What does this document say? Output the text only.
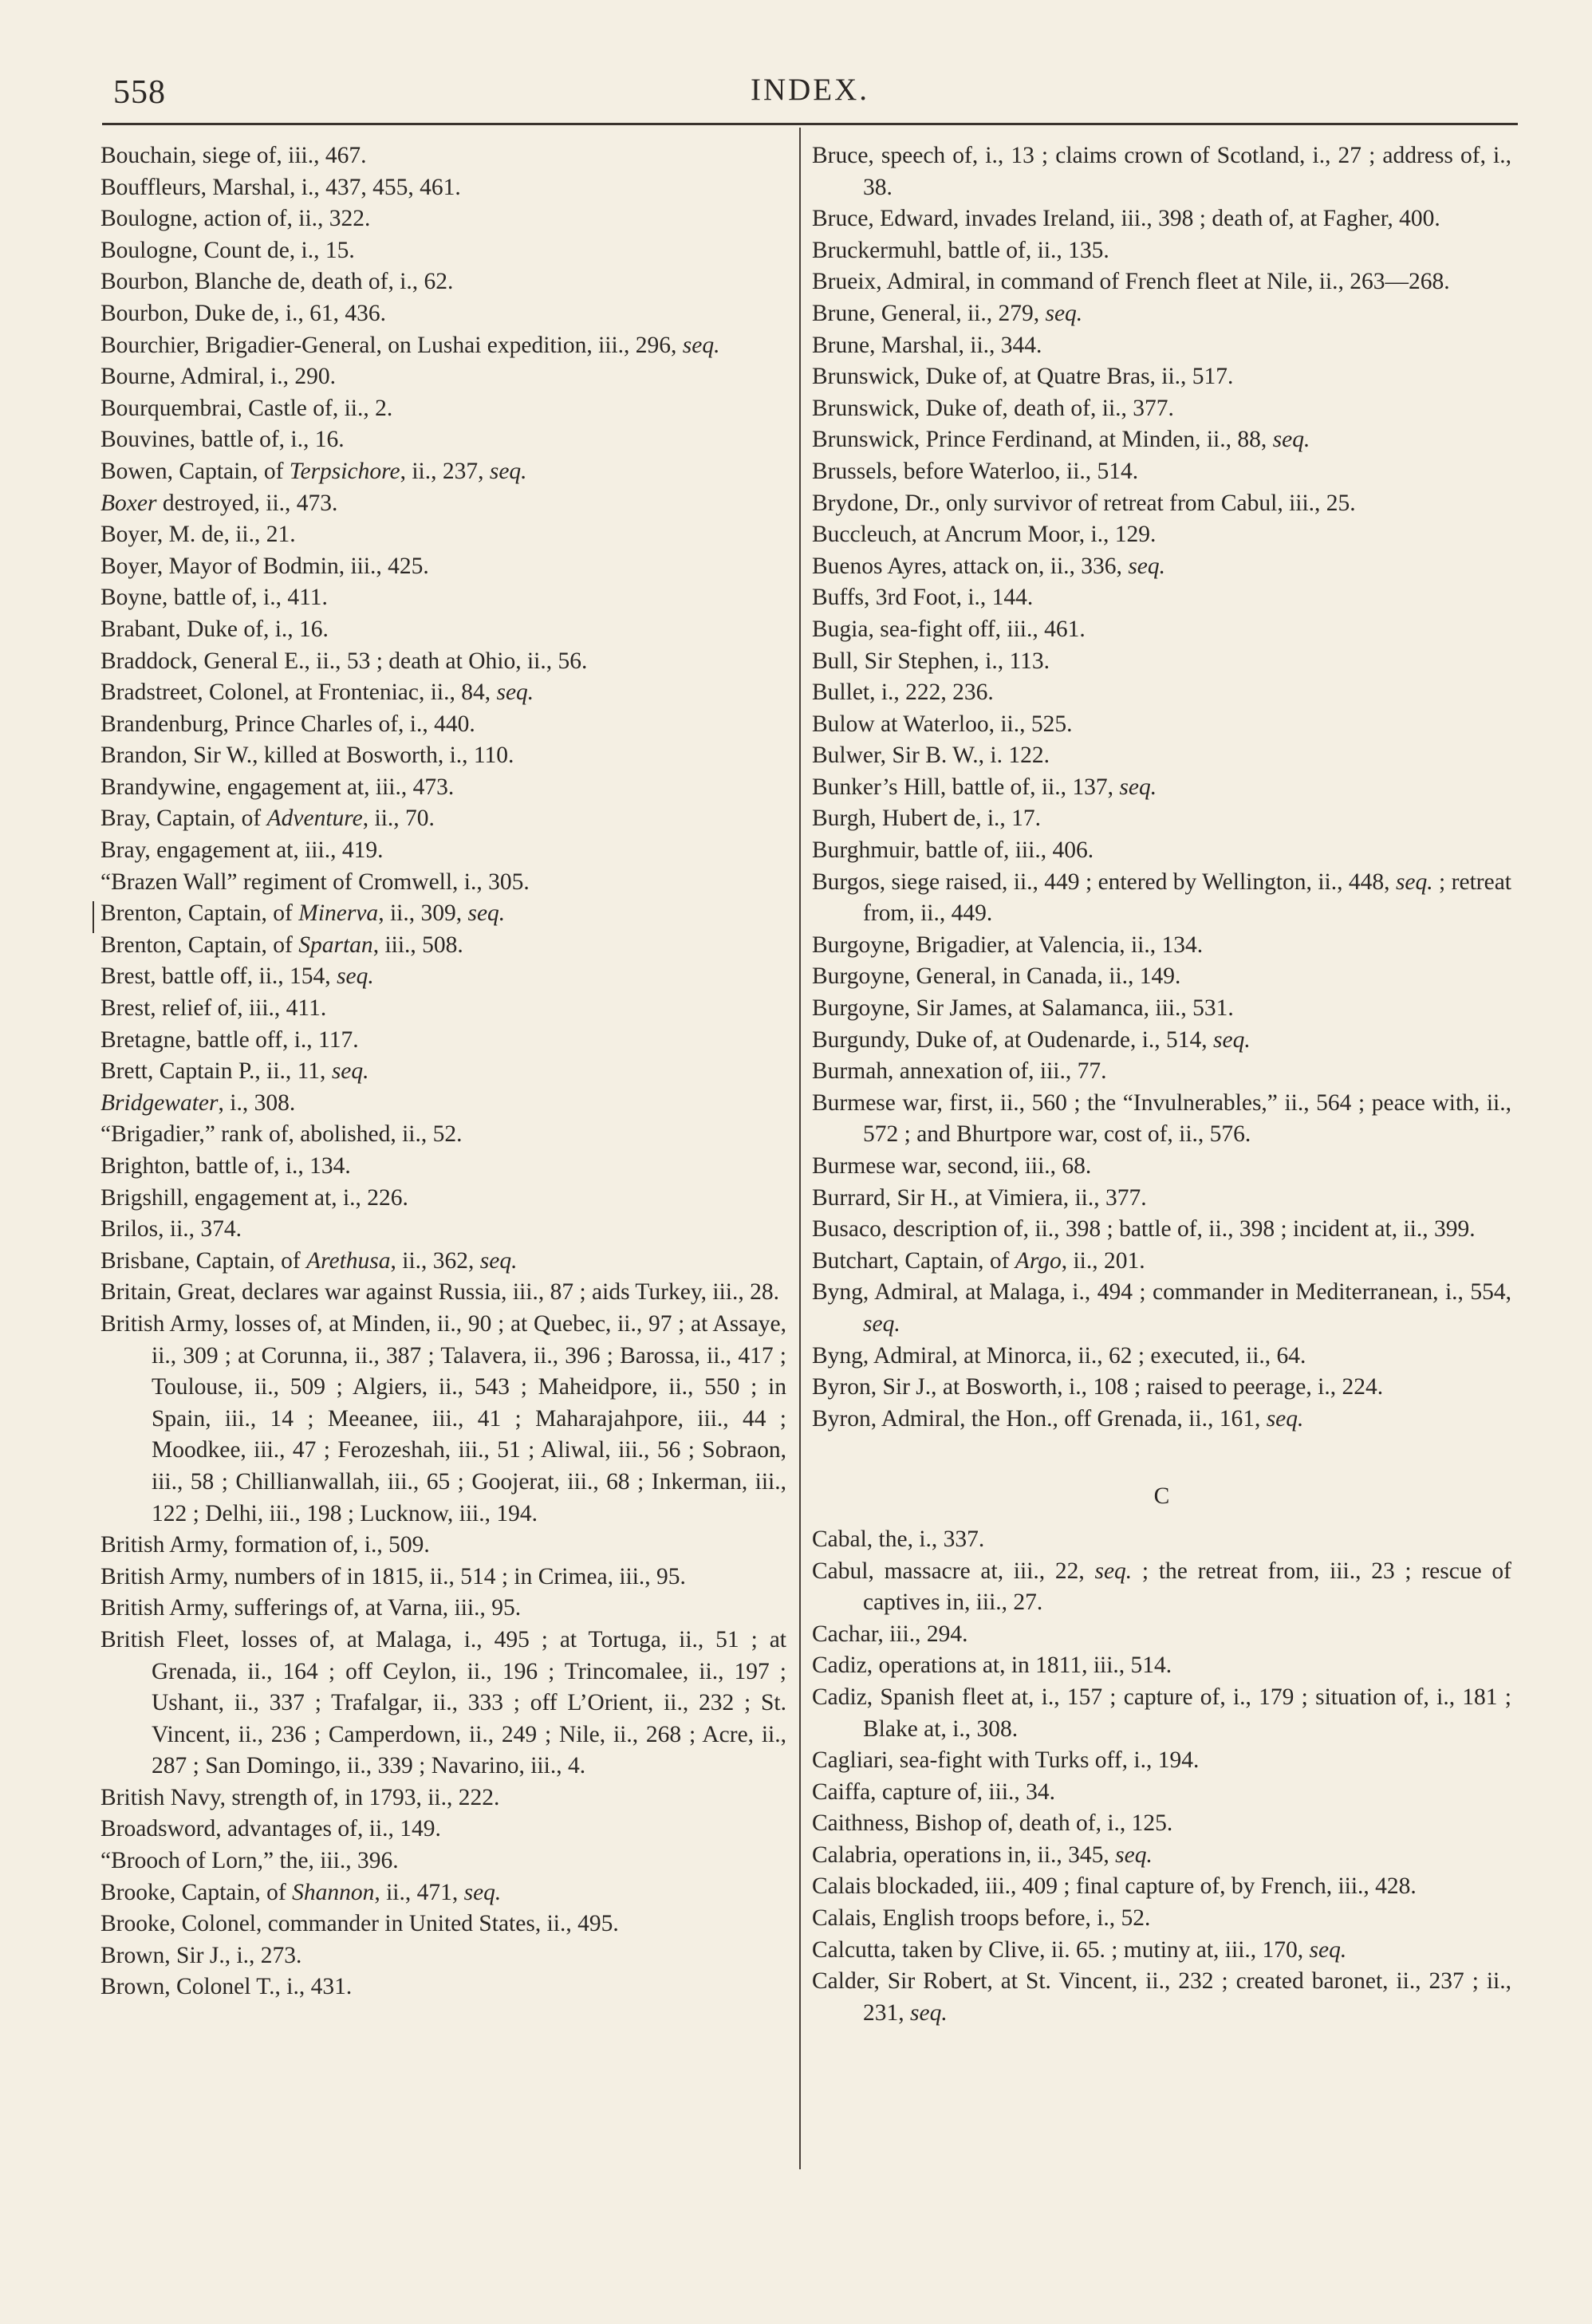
558	INDEX.
Bouchain, siege of, iii., 467.
Bouffleurs, Marshal, i., 437, 455, 461.
Boulogne, action of, ii., 322.
Boulogne, Count de, i., 15.
Bourbon, Blanche de, death of, i., 62.
Bourbon, Duke de, i., 61, 436.
Bourchier, Brigadier-General, on Lushai expedition, iii., 296, seq.
Bourne, Admiral, i., 290.
Bourquembrai, Castle of, ii., 2.
Bouvines, battle of, i., 16.
Bowen, Captain, of Terpsichore, ii., 237, seq.
Boxer destroyed, ii., 473.
Boyer, M. de, ii., 21.
Boyer, Mayor of Bodmin, iii., 425.
Boyne, battle of, i., 411.
Brabant, Duke of, i., 16.
Braddock, General E., ii., 53 ; death at Ohio, ii., 56.
Bradstreet, Colonel, at Fronteniac, ii., 84, seq.
Brandenburg, Prince Charles of, i., 440.
Brandon, Sir W., killed at Bosworth, i., 110.
Brandywine, engagement at, iii., 473.
Bray, Captain, of Adventure, ii., 70.
Bray, engagement at, iii., 419.
“Brazen Wall” regiment of Cromwell, i., 305.
Brenton, Captain, of Minerva, ii., 309, seq.
Brenton, Captain, of Spartan, iii., 508.
Brest, battle off, ii., 154, seq.
Brest, relief of, iii., 411.
Bretagne, battle off, i., 117.
Brett, Captain P., ii., 11, seq.
Bridgewater, i., 308.
“Brigadier,” rank of, abolished, ii., 52.
Brighton, battle of, i., 134.
Brigshill, engagement at, i., 226.
Brilos, ii., 374.
Brisbane, Captain, of Arethusa, ii., 362, seq.
Britain, Great, declares war against Russia, iii., 87 ; aids Turkey, iii., 28.
British Army, losses of, at Minden, ii., 90 ; at Quebec, ii., 97 ; at Assaye, ii., 309 ; at Corunna, ii., 387 ; Talavera, ii., 396 ; Barossa, ii., 417 ; Toulouse, ii., 509 ; Algiers, ii., 543 ; Maheidpore, ii., 550 ; in Spain, iii., 14 ; Meeanee, iii., 41 ; Maharajahpore, iii., 44 ; Moodkee, iii., 47 ; Ferozeshah, iii., 51 ; Aliwal, iii., 56 ; Sobraon, iii., 58 ; Chillianwallah, iii., 65 ; Goojerat, iii., 68 ; Inkerman, iii., 122 ; Delhi, iii., 198 ; Lucknow, iii., 194.
British Army, formation of, i., 509.
British Army, numbers of in 1815, ii., 514 ; in Crimea, iii., 95.
British Army, sufferings of, at Varna, iii., 95.
British Fleet, losses of, at Malaga, i., 495 ; at Tortuga, ii., 51 ; at Grenada, ii., 164 ; off Ceylon, ii., 196 ; Trincomalee, ii., 197 ; Ushant, ii., 337 ; Trafalgar, ii., 333 ; off L’Orient, ii., 232 ; St. Vincent, ii., 236 ; Camperdown, ii., 249 ; Nile, ii., 268 ; Acre, ii., 287 ; San Domingo, ii., 339 ; Navarino, iii., 4.
British Navy, strength of, in 1793, ii., 222.
Broadsword, advantages of, ii., 149.
“Brooch of Lorn,” the, iii., 396.
Brooke, Captain, of Shannon, ii., 471, seq.
Brooke, Colonel, commander in United States, ii., 495.
Brown, Sir J., i., 273.
Brown, Colonel T., i., 431.
Bruce, speech of, i., 13 ; claims crown of Scotland, i., 27 ; address of, i., 38.
Bruce, Edward, invades Ireland, iii., 398 ; death of, at Fagher, 400.
Bruckermuhl, battle of, ii., 135.
Brueix, Admiral, in command of French fleet at Nile, ii., 263—268.
Brune, General, ii., 279, seq.
Brune, Marshal, ii., 344.
Brunswick, Duke of, at Quatre Bras, ii., 517.
Brunswick, Duke of, death of, ii., 377.
Brunswick, Prince Ferdinand, at Minden, ii., 88, seq.
Brussels, before Waterloo, ii., 514.
Brydone, Dr., only survivor of retreat from Cabul, iii., 25.
Buccleuch, at Ancrum Moor, i., 129.
Buenos Ayres, attack on, ii., 336, seq.
Buffs, 3rd Foot, i., 144.
Bugia, sea-fight off, iii., 461.
Bull, Sir Stephen, i., 113.
Bullet, i., 222, 236.
Bulow at Waterloo, ii., 525.
Bulwer, Sir B. W., i. 122.
Bunker’s Hill, battle of, ii., 137, seq.
Burgh, Hubert de, i., 17.
Burghmuir, battle of, iii., 406.
Burgos, siege raised, ii., 449 ; entered by Wellington, ii., 448, seq. ; retreat from, ii., 449.
Burgoyne, Brigadier, at Valencia, ii., 134.
Burgoyne, General, in Canada, ii., 149.
Burgoyne, Sir James, at Salamanca, iii., 531.
Burgundy, Duke of, at Oudenarde, i., 514, seq.
Burmah, annexation of, iii., 77.
Burmese war, first, ii., 560 ; the “Invulnerables,” ii., 564 ; peace with, ii., 572 ; and Bhurtpore war, cost of, ii., 576.
Burmese war, second, iii., 68.
Burrard, Sir H., at Vimiera, ii., 377.
Busaco, description of, ii., 398 ; battle of, ii., 398 ; incident at, ii., 399.
Butchart, Captain, of Argo, ii., 201.
Byng, Admiral, at Malaga, i., 494 ; commander in Mediterranean, i., 554, seq.
Byng, Admiral, at Minorca, ii., 62 ; executed, ii., 64.
Byron, Sir J., at Bosworth, i., 108 ; raised to peerage, i., 224.
Byron, Admiral, the Hon., off Grenada, ii., 161, seq.
C
Cabal, the, i., 337.
Cabul, massacre at, iii., 22, seq. ; the retreat from, iii., 23 ; rescue of captives in, iii., 27.
Cachar, iii., 294.
Cadiz, operations at, in 1811, iii., 514.
Cadiz, Spanish fleet at, i., 157 ; capture of, i., 179 ; situation of, i., 181 ; Blake at, i., 308.
Cagliari, sea-fight with Turks off, i., 194.
Caiffa, capture of, iii., 34.
Caithness, Bishop of, death of, i., 125.
Calabria, operations in, ii., 345, seq.
Calais blockaded, iii., 409 ; final capture of, by French, iii., 428.
Calais, English troops before, i., 52.
Calcutta, taken by Clive, ii. 65. ; mutiny at, iii., 170, seq.
Calder, Sir Robert, at St. Vincent, ii., 232 ; created baronet, ii., 237 ; ii., 231, seq.
